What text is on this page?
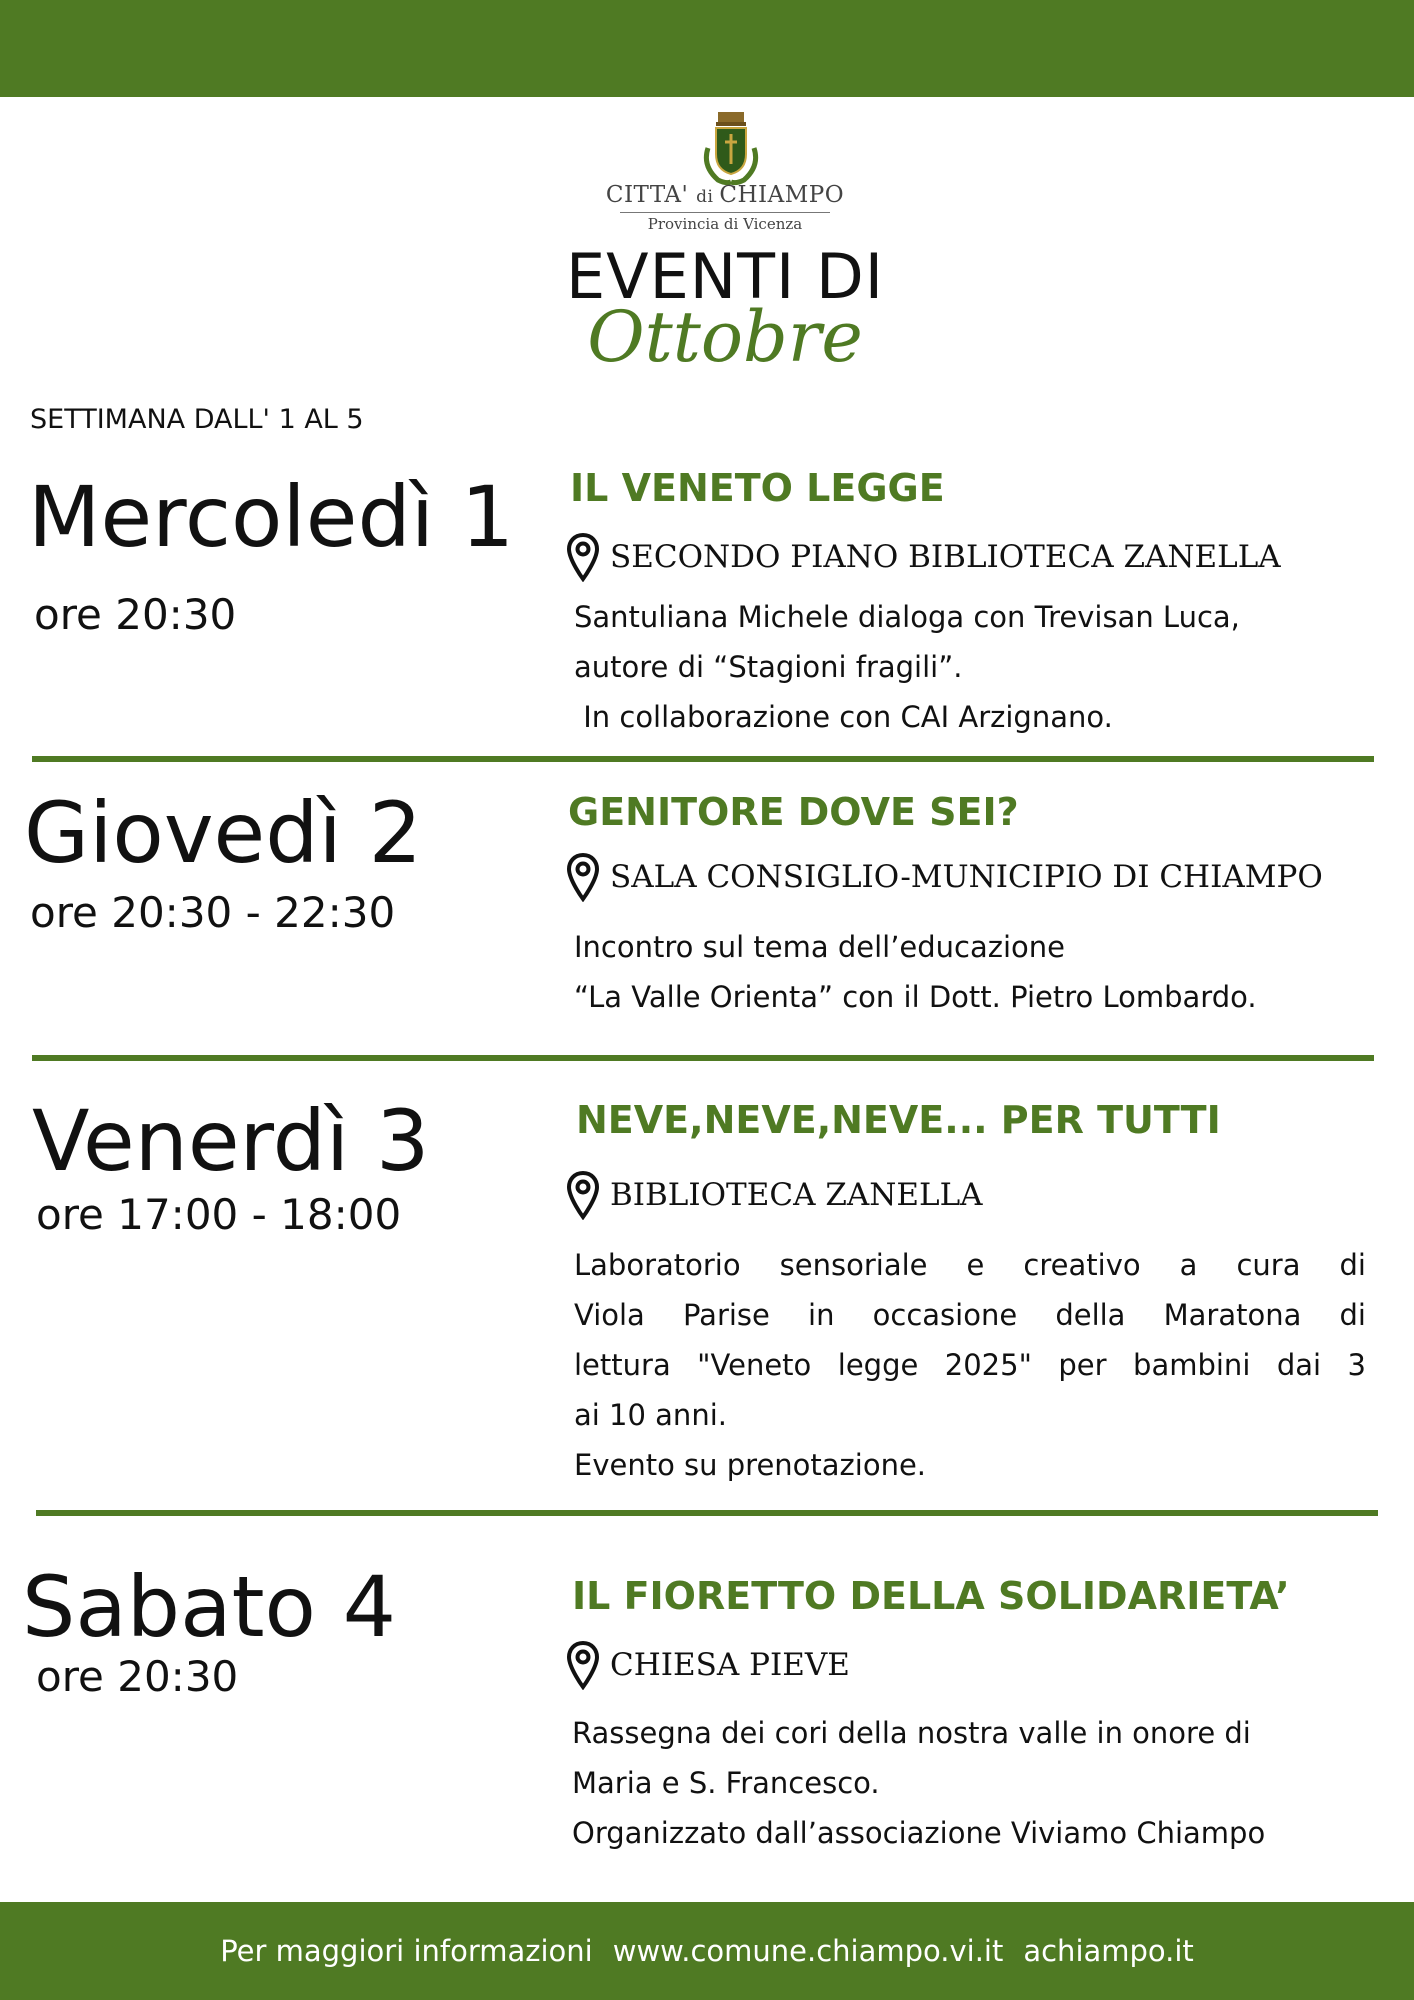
CITTA' di CHIAMPO
Provincia di Vicenza
EVENTI DI
Ottobre
SETTIMANA DALL' 1 AL 5
Mercoledì 1
ore 20:30
IL VENETO LEGGE
SECONDO PIANO BIBLIOTECA ZANELLA
Santuliana Michele dialoga con Trevisan Luca,
autore di “Stagioni fragili”.
In collaborazione con CAI Arzignano.
Giovedì 2
ore 20:30 - 22:30
GENITORE DOVE SEI?
SALA CONSIGLIO-MUNICIPIO DI CHIAMPO
Incontro sul tema dell’educazione
“La Valle Orienta” con il Dott. Pietro Lombardo.
Venerdì 3
ore 17:00 - 18:00
NEVE,NEVE,NEVE... PER TUTTI
BIBLIOTECA ZANELLA
Laboratorio sensoriale e creativo a cura di
Viola Parise in occasione della Maratona di
lettura "Veneto legge 2025" per bambini dai 3
ai 10 anni.
Evento su prenotazione.
Sabato 4
ore 20:30
IL FIORETTO DELLA SOLIDARIETA’
CHIESA PIEVE
Rassegna dei cori della nostra valle in onore di
Maria e S. Francesco.
Organizzato dall’associazione Viviamo Chiampo
Per maggiori informazioni www.comune.chiampo.vi.it achiampo.it
